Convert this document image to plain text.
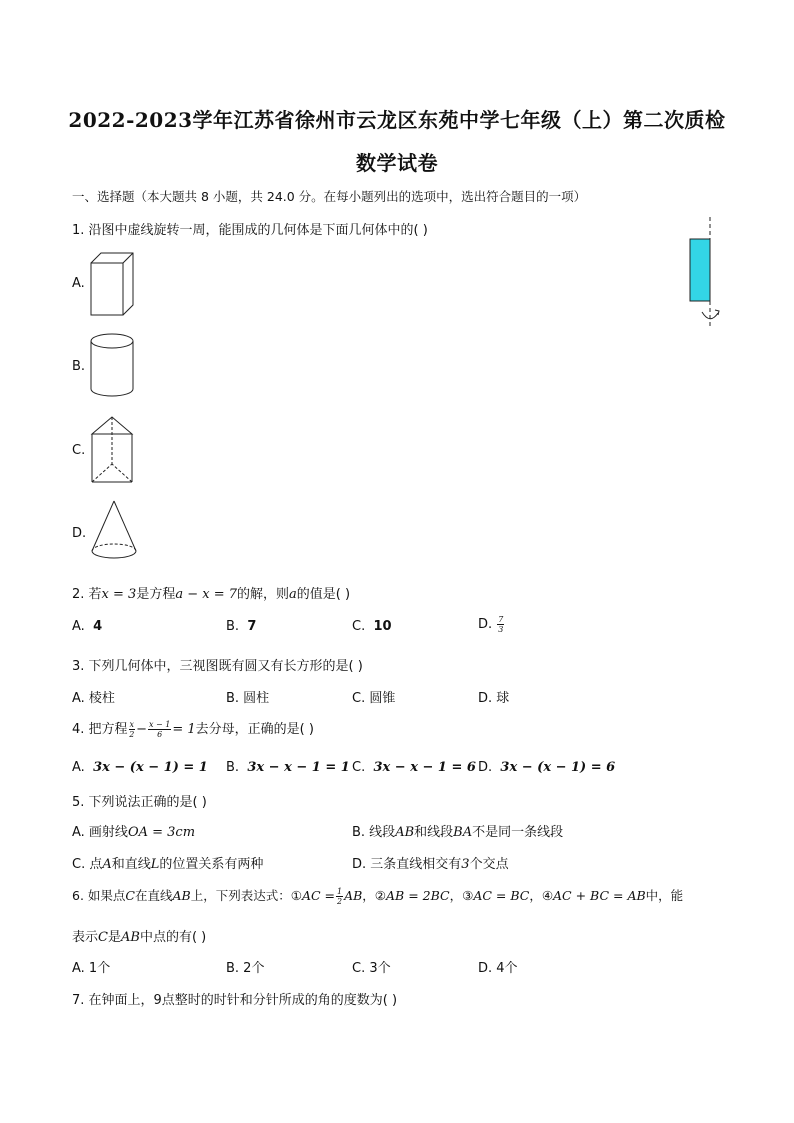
2022-2023学年江苏省徐州市云龙区东苑中学七年级（上）第二次质检
数学试卷
一、选择题（本大题共 8 小题，共 24.0 分。在每小题列出的选项中，选出符合题目的一项）
1. 沿图中虚线旋转一周，能围成的几何体是下面几何体中的( )
A.
B.
C.
D.
2. 若x = 3是方程a − x = 7的解，则a的值是( )
A. 4	B. 7	C. 10	D. $\frac{7}{3}$
3. 下列几何体中，三视图既有圆又有长方形的是( )
A. 棱柱	B. 圆柱	C. 圆锥	D. 球
4. 把方程 $\frac{x}{2} - \frac{x - 1}{6} = 1$去分母，正确的是( )
A. 3x − (x − 1) = 1 B. 3x − x − 1 = 1 C. 3x − x − 1 = 6 D. 3x − (x − 1) = 6
5. 下列说法正确的是( )
A. 画射线OA = 3cm	B. 线段AB和线段BA不是同一条线段
C. 点A和直线L的位置关系有两种	D. 三条直线相交有3个交点
6. 如果点C在直线AB上，下列表达式：①AC = $\frac{1}{2}$ AB，②AB = 2BC，③AC = BC，④AC + BC = AB中，能
表示C是AB中点的有( )
A. 1个	B. 2个	C. 3个	D. 4个
7. 在钟面上，9点整时的时针和分针所成的角的度数为( )
